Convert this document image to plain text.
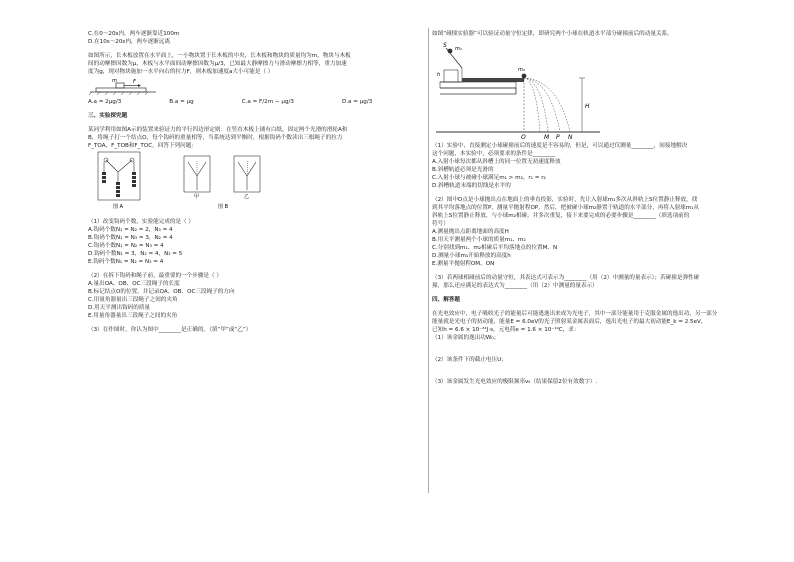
C.在0～20s内，两车逐渐靠近100m
D.在10s～20s内，两车逐渐远离
如图所示，长木板放置在水平面上，一小物块置于长木板的中央，长木板和物块的质量均为m，物块与木板
间的动摩擦因数为μ，木板与水平面间动摩擦因数为μ/3，已知最大静摩擦力与滑动摩擦力相等，重力加速
度为g，现对物块施加一水平向右的拉力F，则木板加速度a大小可能是（ ）
m	F
A.a = 2μg/3	B.a = μg	C.a = F/2m − μg/3	D.a = μg/3
三、实验探究题
某同学利用如图A示的装置来验证力的平行四边形定则：在竖直木板上铺有白纸，固定两个光滑的滑轮A和
B，将绳子打一个结点O，每个钩码的重量相等，当系统达到平衡时，根据钩码个数读出三根绳子的拉力
F_TOA、F_TOB和F_TOC，回答下列问题：
图 A
甲	乙
图 B
（1）改变钩码个数，实验能完成的是（ ）
A.钩码个数N₁ = N₂ = 2，N₃ = 4
B.钩码个数N₁ = N₃ = 3，N₂ = 4
C.钩码个数N₁ = N₂ = N₃ = 4
D.钩码个数N₁ = 3，N₂ = 4，N₃ = 5
E.钩码个数N₁ = N₂ = N₃ = 4
（2）在拆下钩码和绳子前，最重要的一个步骤是（ ）
A.量出OA、OB、OC三段绳子的长度
B.标记结点O的位置，并记录OA、OB、OC三段绳子的方向
C.用量角器量出三段绳子之间的夹角
D.用天平测出钩码的质量
E.用量角器量出三段绳子之间的夹角
（3）在作图时，你认为图中________是正确的。（填“甲”或“乙”）
如图“碰撞实验器”可以验证动量守恒定律，即研究两个小球在轨道水平部分碰撞前后的动量关系。
S m₁
m₂
h
H
O	M P N
（1）实验中，直接测定小球碰撞前后的速度是不容易的，但是，可以通过仅测量________，间接地解决
这个问题，本实验中，必须要求的条件是________
A.入射小球每次都从斜槽上的同一位置无初速度释放
B.斜槽轨道必须是光滑的
C.入射小球与被碰小球满足m₁ > m₂，r₁ = r₂
D.斜槽轨道末端的切线是水平的
（2）图中O点是小球抛出点在地面上的垂直投影，实验时，先让入射球m₁多次从斜轨上S位置静止释放，找
到其平均落地点的位置P，测量平抛射程OP，然后，把被碰小球m₂静置于轨道的水平部分，再将入射球m₁从
斜轨上S位置静止释放，与小球m₂相碰，并多次重复，接下来要完成的必要步骤是________（填选项前的
符号）
A.测量抛出点距离地面的高度H
B.用天平测量两个小球的质量m₁、m₂
C.分别找到m₁、m₂相碰后平均落地点的位置M、N
D.测量小球m₁开始释放的高度h
E.测量平抛射程OM、ON
（3）若两球相碰前后的动量守恒，其表达式可表示为________（用（2）中测量的量表示）；若碰撞是弹性碰
撞，那么还应满足的表达式为________（用（2）中测量的量表示）
四、解答题
在光电效应中，电子吸收光子的能量后可能逃逸出来成为光电子，其中一部分能量用于克服金属的逸出功，另一部分
能量就是光电子的初动能，能量E = 6.0eV的光子照射某金属表面后，逸出光电子的最大初动能E_k = 2.5eV，
已知h = 6.6 × 10⁻³⁴J·s，元电荷e = 1.6 × 10⁻¹⁹C，求：
（1）该金属的逸出功W₀；
（2）该条件下的截止电压U；
（3）该金属发生光电效应的极限频率ν₀（结果保留2位有效数字）.
